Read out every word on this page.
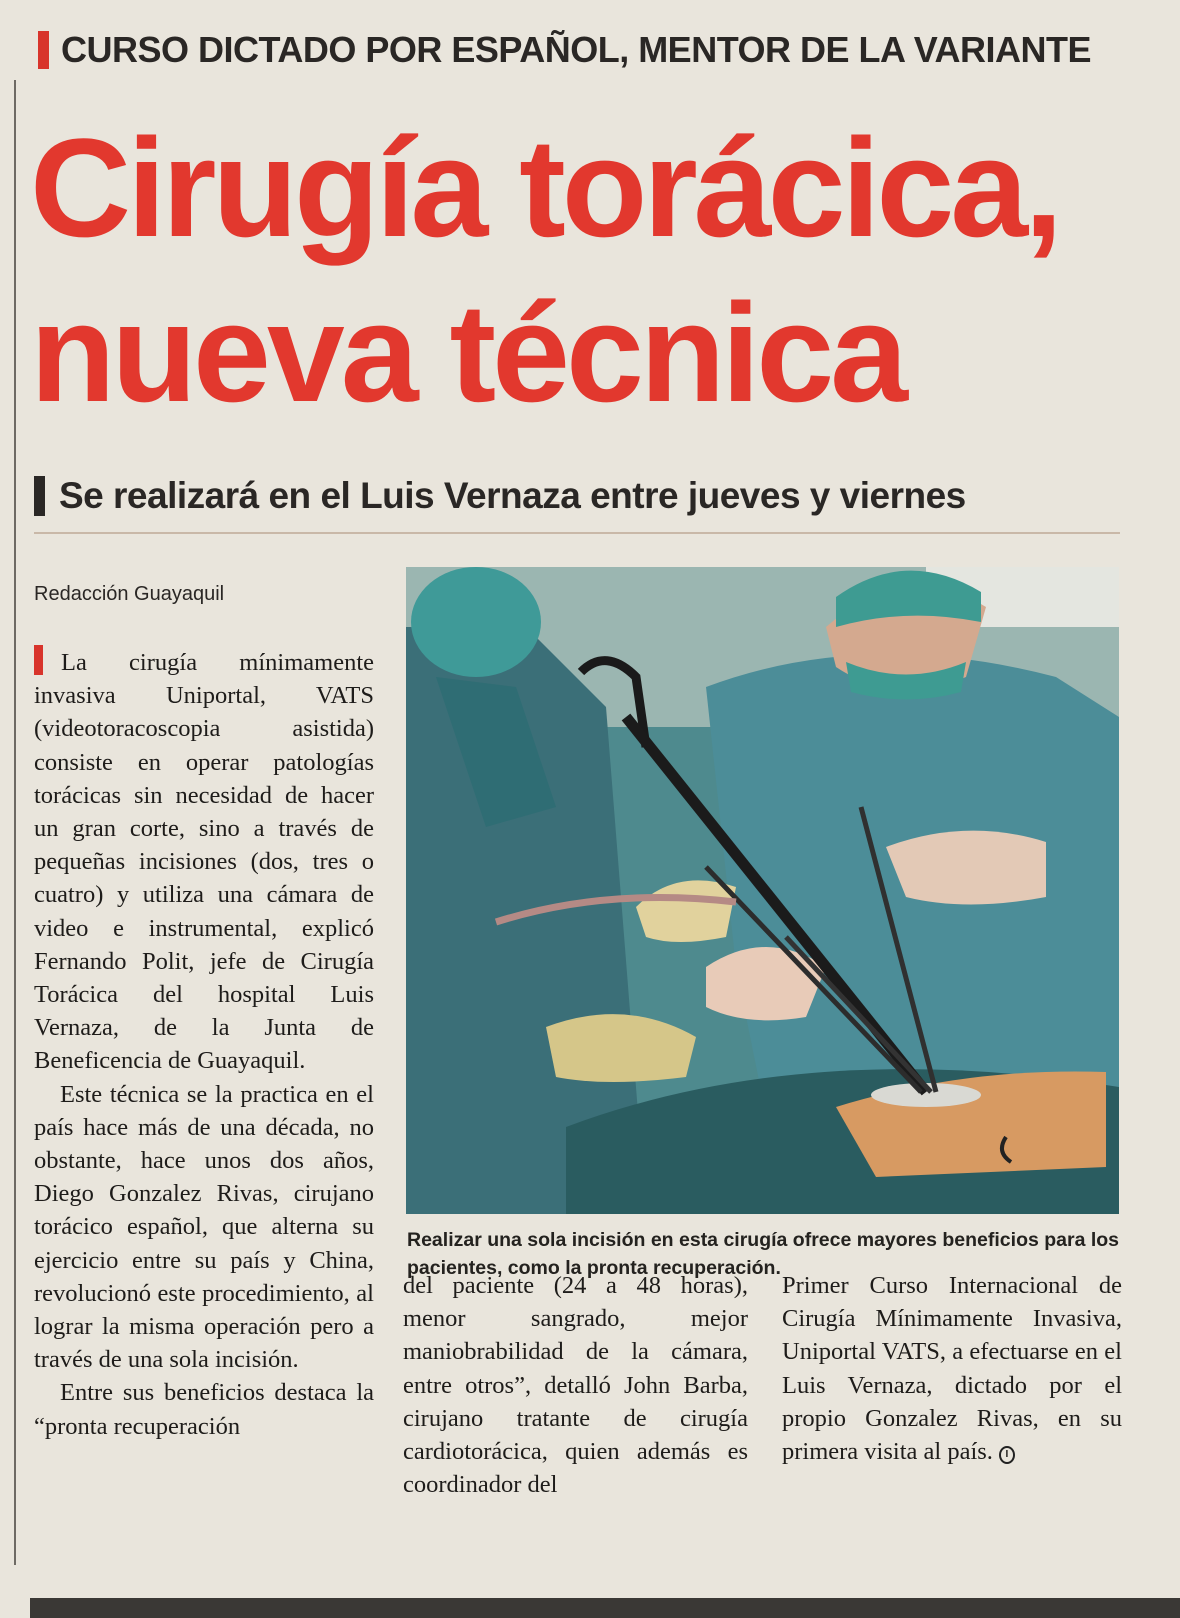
CURSO DICTADO POR ESPAÑOL, MENTOR DE LA VARIANTE
Cirugía torácica,
nueva técnica
Se realizará en el Luis Vernaza entre jueves y viernes
Redacción Guayaquil

La cirugía mínimamente invasiva Uniportal, VATS (videotoracoscopia asistida) consiste en operar patologías torácicas sin necesidad de hacer un gran corte, sino a través de pequeñas incisiones (dos, tres o cuatro) y utiliza una cámara de video e instrumental, explicó Fernando Polit, jefe de Cirugía Torácica del hospital Luis Vernaza, de la Junta de Beneficencia de Guayaquil.

Este técnica se la practica en el país hace más de una década, no obstante, hace unos dos años, Diego Gonzalez Rivas, cirujano torácico español, que alterna su ejercicio entre su país y China, revolucionó este procedimiento, al lograr la misma operación pero a través de una sola incisión.

Entre sus beneficios destaca la “pronta recuperación

Realizar una sola incisión en esta cirugía ofrece mayores beneficios para los pacientes, como la pronta recuperación.

del paciente (24 a 48 horas), menor sangrado, mejor maniobrabilidad de la cámara, entre otros”, detalló John Barba, cirujano tratante de cirugía cardiotorácica, quien además es coordinador del

Primer Curso Internacional de Cirugía Mínimamente Invasiva, Uniportal VATS, a efectuarse en el Luis Vernaza, dictado por el propio Gonzalez Rivas, en su primera visita al país. I
